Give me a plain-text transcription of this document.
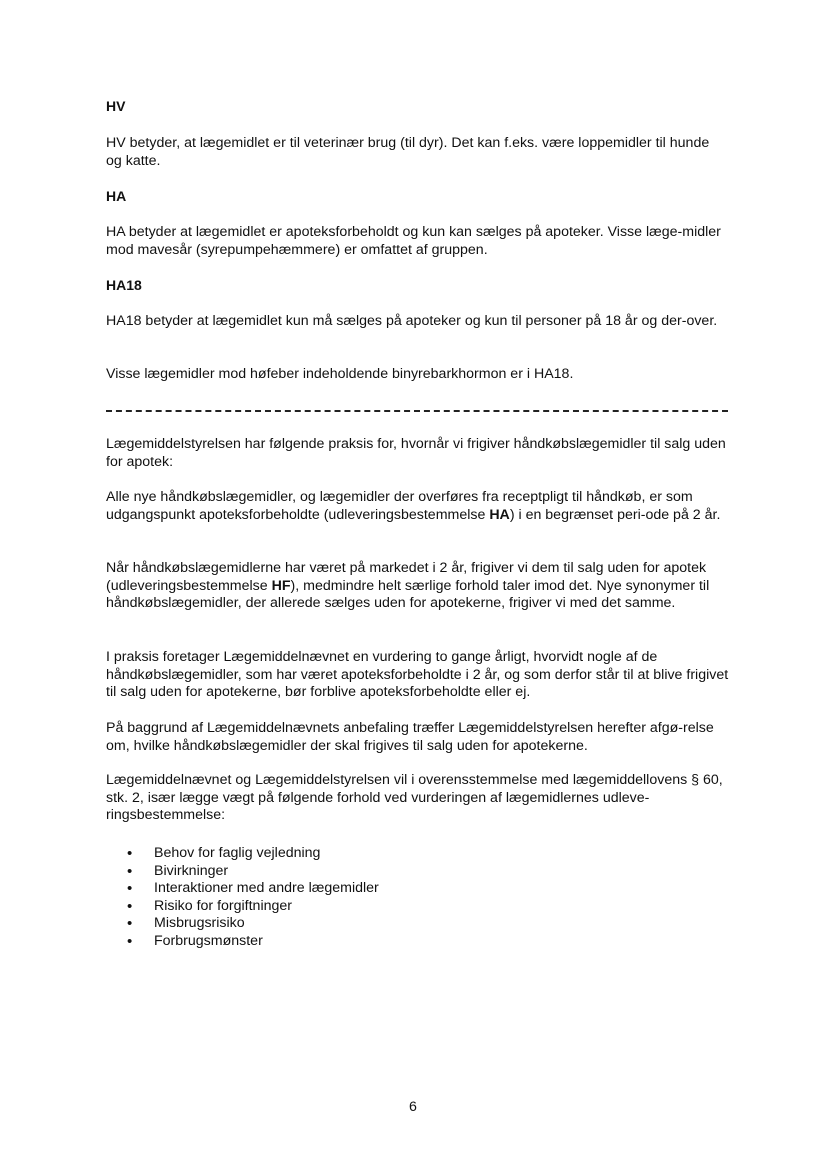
HV

HV betyder, at lægemidlet er til veterinær brug (til dyr). Det kan f.eks. være loppemidler til hunde og katte.

HA

HA betyder at lægemidlet er apoteksforbeholdt og kun kan sælges på apoteker. Visse læge-midler mod mavesår (syrepumpehæmmere) er omfattet af gruppen.

HA18

HA18 betyder at lægemidlet kun må sælges på apoteker og kun til personer på 18 år og der-over.

Visse lægemidler mod høfeber indeholdende binyrebarkhormon er i HA18.

Lægemiddelstyrelsen har følgende praksis for, hvornår vi frigiver håndkøbslægemidler til salg uden for apotek:

Alle nye håndkøbslægemidler, og lægemidler der overføres fra receptpligt til håndkøb, er som udgangspunkt apoteksforbeholdte (udleveringsbestemmelse HA) i en begrænset peri-ode på 2 år.

Når håndkøbslægemidlerne har været på markedet i 2 år, frigiver vi dem til salg uden for apotek (udleveringsbestemmelse HF), medmindre helt særlige forhold taler imod det. Nye synonymer til håndkøbslægemidler, der allerede sælges uden for apotekerne, frigiver vi med det samme.

I praksis foretager Lægemiddelnævnet en vurdering to gange årligt, hvorvidt nogle af de håndkøbslægemidler, som har været apoteksforbeholdte i 2 år, og som derfor står til at blive frigivet til salg uden for apotekerne, bør forblive apoteksforbeholdte eller ej.

På baggrund af Lægemiddelnævnets anbefaling træffer Lægemiddelstyrelsen herefter afgø-relse om, hvilke håndkøbslægemidler der skal frigives til salg uden for apotekerne.

Lægemiddelnævnet og Lægemiddelstyrelsen vil i overensstemmelse med lægemiddellovens § 60, stk. 2, især lægge vægt på følgende forhold ved vurderingen af lægemidlernes udleve-ringsbestemmelse:

• Behov for faglig vejledning
• Bivirkninger
• Interaktioner med andre lægemidler
• Risiko for forgiftninger
• Misbrugsrisiko
• Forbrugsmønster
6
